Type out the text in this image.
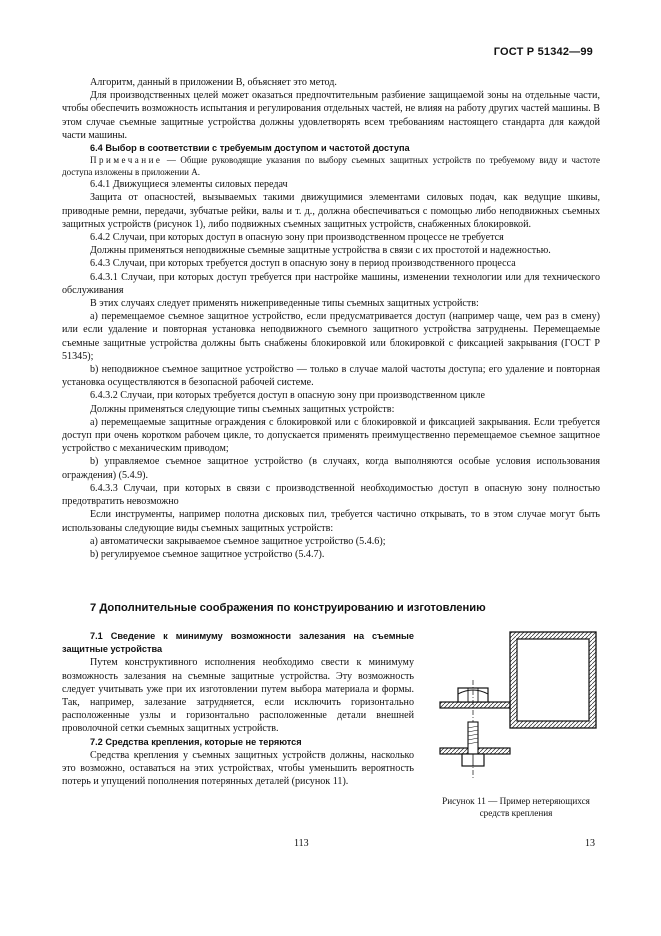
ГОСТ Р 51342—99

Алгоритм, данный в приложении В, объясняет это метод.

Для производственных целей может оказаться предпочтительным разбиение защищаемой зоны на отдельные части, чтобы обеспечить возможность испытания и регулирования отдельных частей, не влияя на работу других частей машины. В этом случае съемные защитные устройства должны удовлетворять всем требованиям настоящего стандарта для каждой части машины.

6.4 Выбор в соответствии с требуемым доступом и частотой доступа

Примечание — Общие руководящие указания по выбору съемных защитных устройств по требуемому виду и частоте доступа изложены в приложении А.

6.4.1 Движущиеся элементы силовых передач

Защита от опасностей, вызываемых такими движущимися элементами силовых подач, как ведущие шкивы, приводные ремни, передачи, зубчатые рейки, валы и т. д., должна обеспечиваться с помощью либо неподвижных съемных защитных устройств (рисунок 1), либо подвижных съемных защитных устройств, снабженных блокировкой.

6.4.2 Случаи, при которых доступ в опасную зону при производственном процессе не требуется

Должны применяться неподвижные съемные защитные устройства в связи с их простотой и надежностью.

6.4.3 Случаи, при которых требуется доступ в опасную зону в период производственного процесса

6.4.3.1 Случаи, при которых доступ требуется при настройке машины, изменении технологии или для технического обслуживания

В этих случаях следует применять нижеприведенные типы съемных защитных устройств:

а) перемещаемое съемное защитное устройство, если предусматривается доступ (например чаще, чем раз в смену) или если удаление и повторная установка неподвижного съемного защитного устройства затруднены. Перемещаемые съемные защитные устройства должны быть снабжены блокировкой или блокировкой с фиксацией закрывания (ГОСТ Р 51345);

b) неподвижное съемное защитное устройство — только в случае малой частоты доступа; его удаление и повторная установка осуществляются в безопасной рабочей системе.

6.4.3.2 Случаи, при которых требуется доступ в опасную зону при производственном цикле

Должны применяться следующие типы съемных защитных устройств:

а) перемещаемые защитные ограждения с блокировкой или с блокировкой и фиксацией закрывания. Если требуется доступ при очень коротком рабочем цикле, то допускается применять преимущественно перемещаемое съемное защитное устройство с механическим приводом;

b) управляемое съемное защитное устройство (в случаях, когда выполняются особые условия использования ограждения) (5.4.9).

6.4.3.3 Случаи, при которых в связи с производственной необходимостью доступ в опасную зону полностью предотвратить невозможно

Если инструменты, например полотна дисковых пил, требуется частично открывать, то в этом случае могут быть использованы следующие виды съемных защитных устройств:

а) автоматически закрываемое съемное защитное устройство (5.4.6);

b) регулируемое съемное защитное устройство (5.4.7).

7 Дополнительные соображения по конструированию и изготовлению

7.1 Сведение к минимуму возможности залезания на съемные защитные устройства

Путем конструктивного исполнения необходимо свести к минимуму возможность залезания на съемные защитные устройства. Эту возможность следует учитывать уже при их изготовлении путем выбора материала и формы. Так, например, залезание затрудняется, если исключить горизонтально расположенные узлы и горизонтально расположенные детали внешней проволочной сетки съемных защитных устройств.

7.2 Средства крепления, которые не теряются

Средства крепления у съемных защитных устройств должны, насколько это возможно, оставаться на этих устройствах, чтобы уменьшить вероятность потерь и упущений пополнения потерянных деталей (рисунок 11).

Рисунок 11 — Пример нетеряющихся средств крепления
113	13
